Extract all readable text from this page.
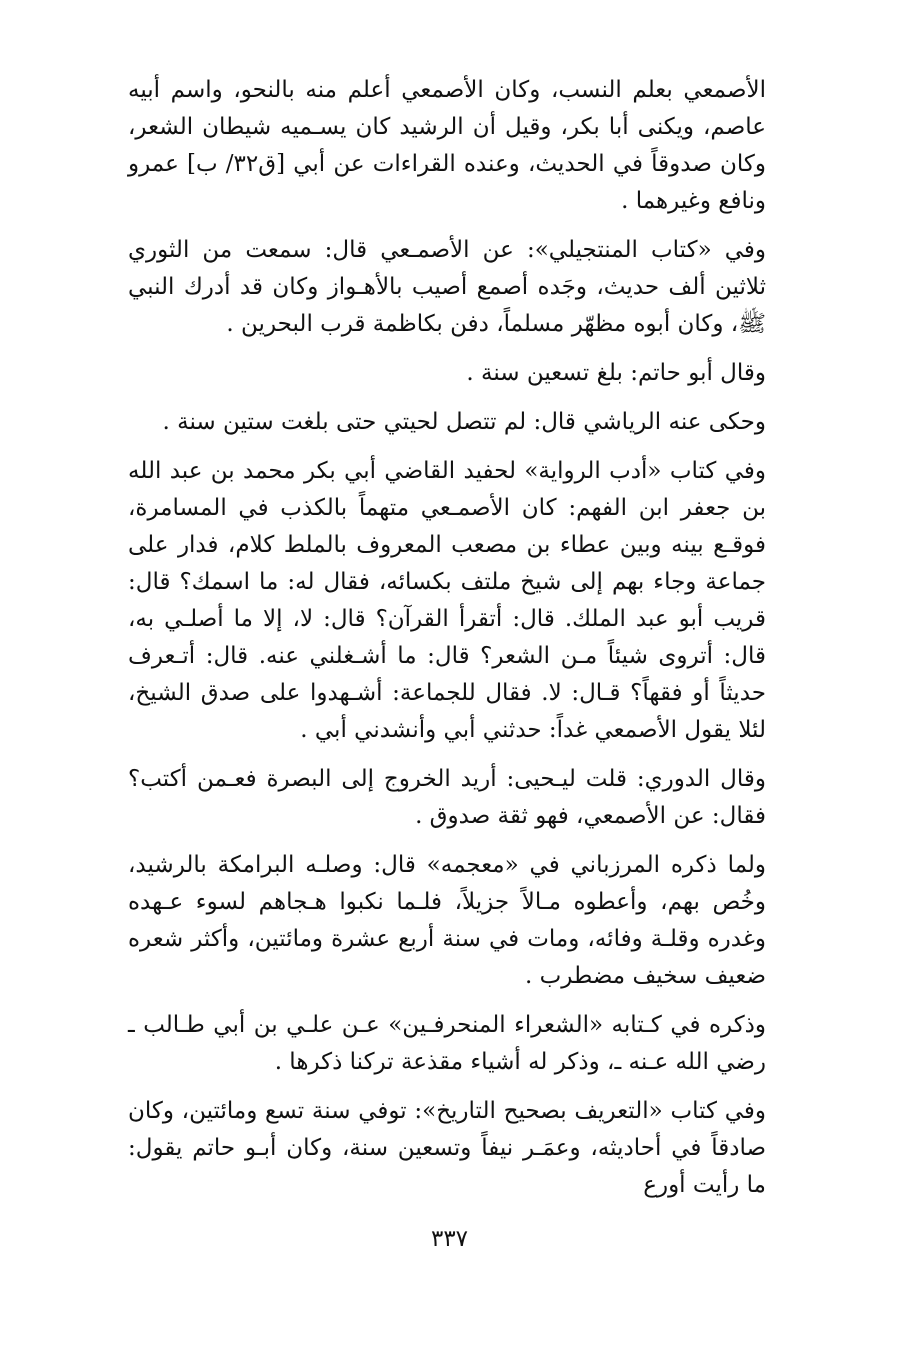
الأصمعي بعلم النسب، وكان الأصمعي أعلم منه بالنحو، واسم أبيه عاصم، ويكنى أبا بكر، وقيل أن الرشيد كان يسـميه شيطان الشعر، وكان صدوقاً في الحديث، وعنده القراءات عن أبي [ق٣٢/ ب] عمرو ونافع وغيرهما .

وفي «كتاب المنتجيلي»: عن الأصمـعي قال: سمعت من الثوري ثلاثين ألف حديث، وجَده أصمع أصيب بالأهـواز وكان قد أدرك النبي ﷺ، وكان أبوه مظهّر مسلماً، دفن بكاظمة قرب البحرين .

وقال أبو حاتم: بلغ تسعين سنة .

وحكى عنه الرياشي قال: لم تتصل لحيتي حتى بلغت ستين سنة .

وفي كتاب «أدب الرواية» لحفيد القاضي أبي بكر محمد بن عبد الله بن جعفر ابن الفهم: كان الأصمـعي متهماً بالكذب في المسامرة، فوقـع بينه وبين عطاء بن مصعب المعروف بالملط كلام، فدار على جماعة وجاء بهم إلى شيخ ملتف بكسائه، فقال له: ما اسمك؟ قال: قريب أبو عبد الملك. قال: أتقرأ القرآن؟ قال: لا، إلا ما أصلـي به، قال: أتروى شيئاً مـن الشعر؟ قال: ما أشـغلني عنه. قال: أتـعرف حديثاً أو فقهاً؟ قـال: لا. فقال للجماعة: أشـهدوا على صدق الشيخ، لئلا يقول الأصمعي غداً: حدثني أبي وأنشدني أبي .

وقال الدوري: قلت ليـحيى: أريد الخروج إلى البصرة فعـمن أكتب؟ فقال: عن الأصمعي، فهو ثقة صدوق .

ولما ذكره المرزباني في «معجمه» قال: وصلـه البرامكة بالرشيد، وخُص بهم، وأعطوه مـالاً جزيلاً، فلـما نكبوا هـجاهم لسوء عـهده وغدره وقلـة وفائه، ومات في سنة أربع عشرة ومائتين، وأكثر شعره ضعيف سخيف مضطرب .

وذكره في كـتابه «الشعراء المنحرفـين» عـن علـي بن أبي طـالب ـ رضي الله عـنه ـ، وذكر له أشياء مقذعة تركنا ذكرها .

وفي كتاب «التعريف بصحيح التاريخ»: توفي سنة تسع ومائتين، وكان صادقاً في أحاديثه، وعمَـر نيفاً وتسعين سنة، وكان أبـو حاتم يقول: ما رأيت أورع

٣٣٧
